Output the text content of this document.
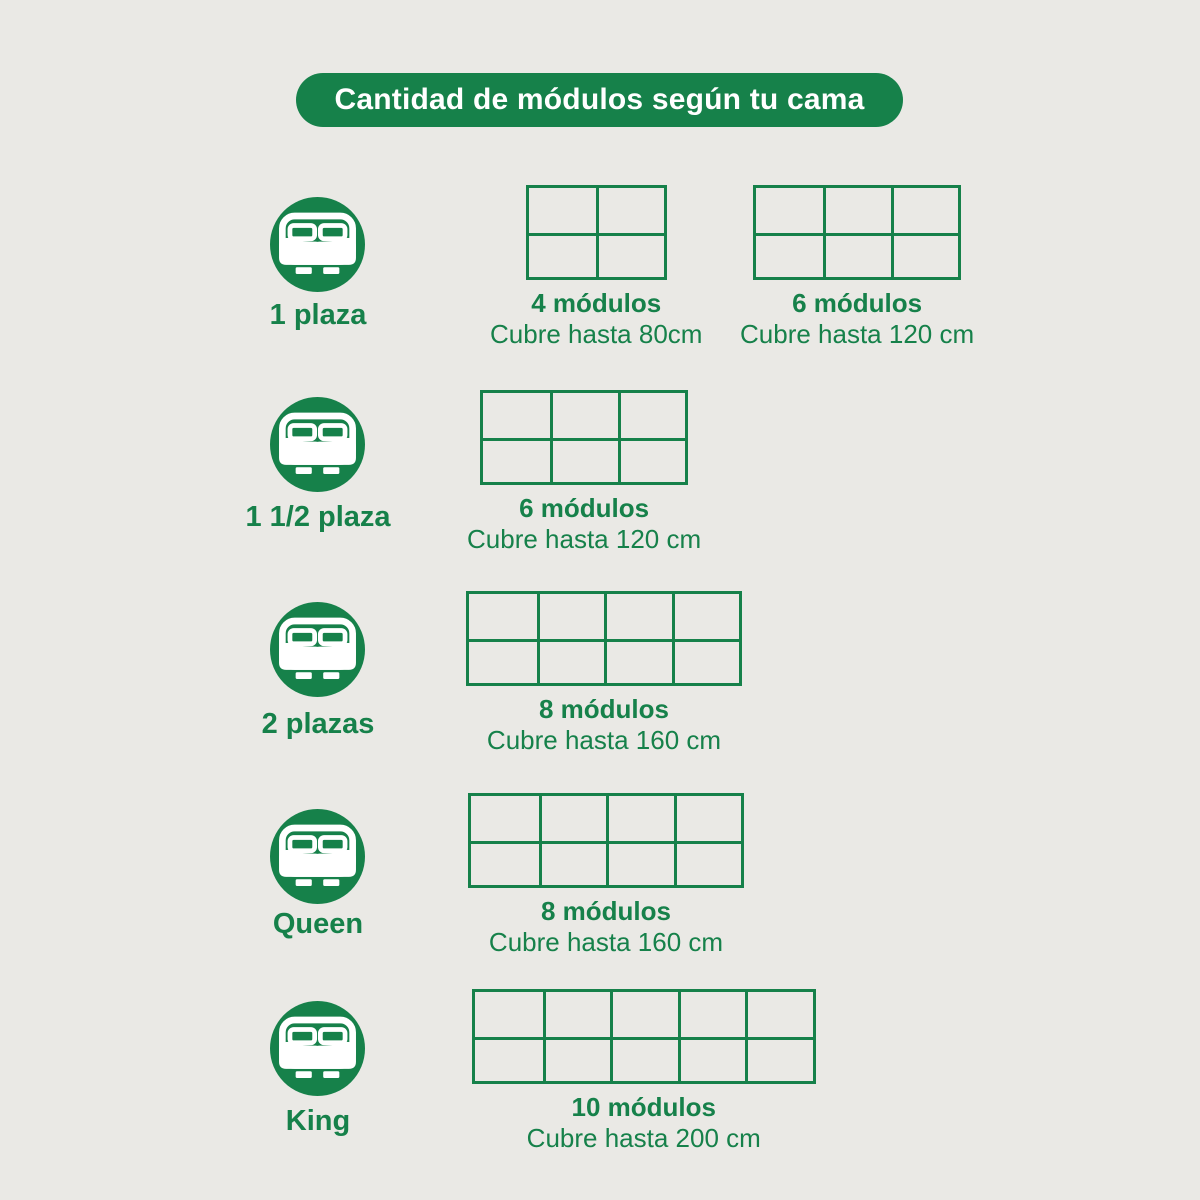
Cantidad de módulos según tu cama
1 plaza	4 módulos
Cubre hasta 80cm
6 módulos
Cubre hasta 120 cm
1 1/2 plaza	6 módulos
Cubre hasta 120 cm
2 plazas	8 módulos
Cubre hasta 160 cm
Queen	8 módulos
Cubre hasta 160 cm
King	10 módulos
Cubre hasta 200 cm
